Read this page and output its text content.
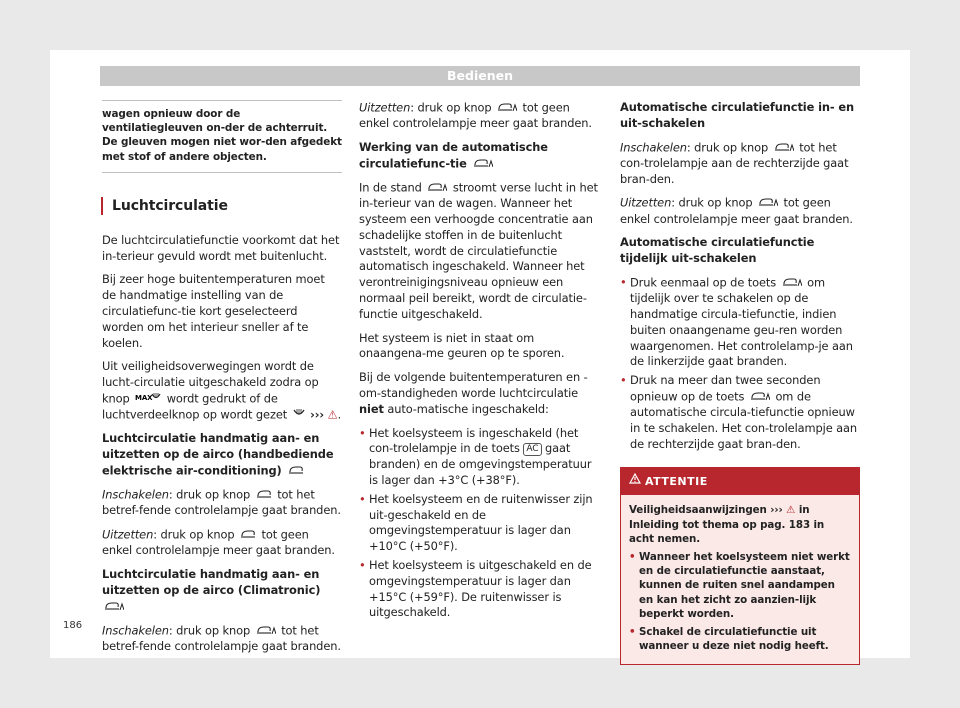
Bedienen
wagen opnieuw door de ventilatiegleuven on-der de achterruit. De gleuven mogen niet wor-den afgedekt met stof of andere objecten.
Luchtcirculatie

De luchtcirculatiefunctie voorkomt dat het in-terieur gevuld wordt met buitenlucht.

Bij zeer hoge buitentemperaturen moet de handmatige instelling van de circulatiefunc-tie kort geselecteerd worden om het interieur sneller af te koelen.

Uit veiligheidsoverwegingen wordt de lucht-circulatie uitgeschakeld zodra op knop MAX wordt gedrukt of de luchtverdeelknop op wordt gezet ››› ⚠.

Luchtcirculatie handmatig aan- en uitzetten op de airco (handbediende elektrische air-conditioning)

Inschakelen: druk op knop tot het betref-fende controlelampje gaat branden.

Uitzetten: druk op knop tot geen enkel controlelampje meer gaat branden.

Luchtcirculatie handmatig aan- en uitzetten op de airco (Climatronic)

Inschakelen: druk op knop	tot het betref-fende controlelampje gaat branden.

Uitzetten: druk op knop	tot geen enkel controlelampje meer gaat branden.

Werking van de automatische circulatiefunc-tie

In de stand	stroomt verse lucht in het in-terieur van de wagen. Wanneer het systeem een verhoogde concentratie aan schadelijke stoffen in de buitenlucht vaststelt, wordt de circulatiefunctie automatisch ingeschakeld. Wanneer het verontreinigingsniveau opnieuw een normaal peil bereikt, wordt de circulatie-functie uitgeschakeld.

Het systeem is niet in staat om onaangena-me geuren op te sporen.

Bij de volgende buitentemperaturen en -om-standigheden worde luchtcirculatie niet auto-matische ingeschakeld:

• Het koelsysteem is ingeschakeld (het con-trolelampje in de toets AC gaat branden) en de omgevingstemperatuur is lager dan +3°C (+38°F).

• Het koelsysteem en de ruitenwisser zijn uit-geschakeld en de omgevingstemperatuur is lager dan +10°C (+50°F).

• Het koelsysteem is uitgeschakeld en de omgevingstemperatuur is lager dan +15°C (+59°F). De ruitenwisser is uitgeschakeld.

Automatische circulatiefunctie in- en uit-schakelen

Inschakelen: druk op knop	tot het con-trolelampje aan de rechterzijde gaat bran-den.

Uitzetten: druk op knop	tot geen enkel controlelampje meer gaat branden.

Automatische circulatiefunctie tijdelijk uit-schakelen

• Druk eenmaal op de toets	om tijdelijk over te schakelen op de handmatige circula-tiefunctie, indien buiten onaangename geu-ren worden waargenomen. Het controlelamp-je aan de linkerzijde gaat branden.

• Druk na meer dan twee seconden opnieuw op de toets	om de automatische circula-tiefunctie opnieuw in te schakelen. Het con-trolelampje aan de rechterzijde gaat bran-den.

ATTENTIE

Veiligheidsaanwijzingen ››› ⚠ in Inleiding tot thema op pag. 183 in acht nemen.

• Wanneer het koelsysteem niet werkt en de circulatiefunctie aanstaat, kunnen de ruiten snel aandampen en kan het zicht zo aanzien-lijk beperkt worden.

• Schakel de circulatiefunctie uit wanneer u deze niet nodig heeft.

186
